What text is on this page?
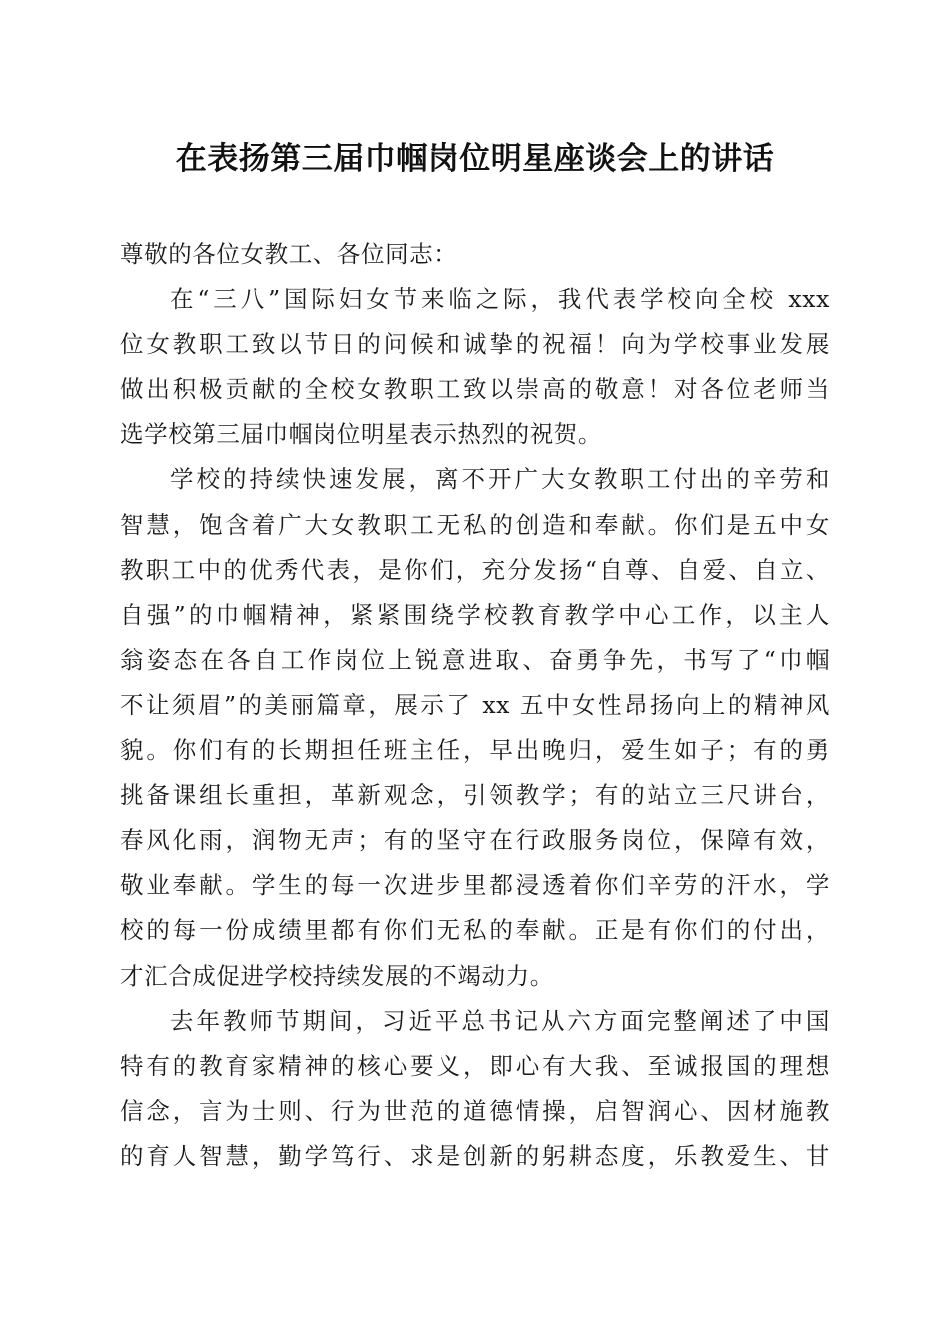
在表扬第三届巾帼岗位明星座谈会上的讲话
尊敬的各位女教工、各位同志：
在“三八”国际妇女节来临之际，我代表学校向全校 xxx
位女教职工致以节日的问候和诚挚的祝福！向为学校事业发展
做出积极贡献的全校女教职工致以崇高的敬意！对各位老师当
选学校第三届巾帼岗位明星表示热烈的祝贺。
学校的持续快速发展，离不开广大女教职工付出的辛劳和
智慧，饱含着广大女教职工无私的创造和奉献。你们是五中女
教职工中的优秀代表，是你们，充分发扬“自尊、自爱、自立、
自强”的巾帼精神，紧紧围绕学校教育教学中心工作，以主人
翁姿态在各自工作岗位上锐意进取、奋勇争先，书写了“巾帼
不让须眉”的美丽篇章，展示了 xx 五中女性昂扬向上的精神风
貌。你们有的长期担任班主任，早出晚归，爱生如子；有的勇
挑备课组长重担，革新观念，引领教学；有的站立三尺讲台，
春风化雨，润物无声；有的坚守在行政服务岗位，保障有效，
敬业奉献。学生的每一次进步里都浸透着你们辛劳的汗水，学
校的每一份成绩里都有你们无私的奉献。正是有你们的付出，
才汇合成促进学校持续发展的不竭动力。
去年教师节期间，习近平总书记从六方面完整阐述了中国
特有的教育家精神的核心要义，即心有大我、至诚报国的理想
信念，言为士则、行为世范的道德情操，启智润心、因材施教
的育人智慧，勤学笃行、求是创新的躬耕态度，乐教爱生、甘
